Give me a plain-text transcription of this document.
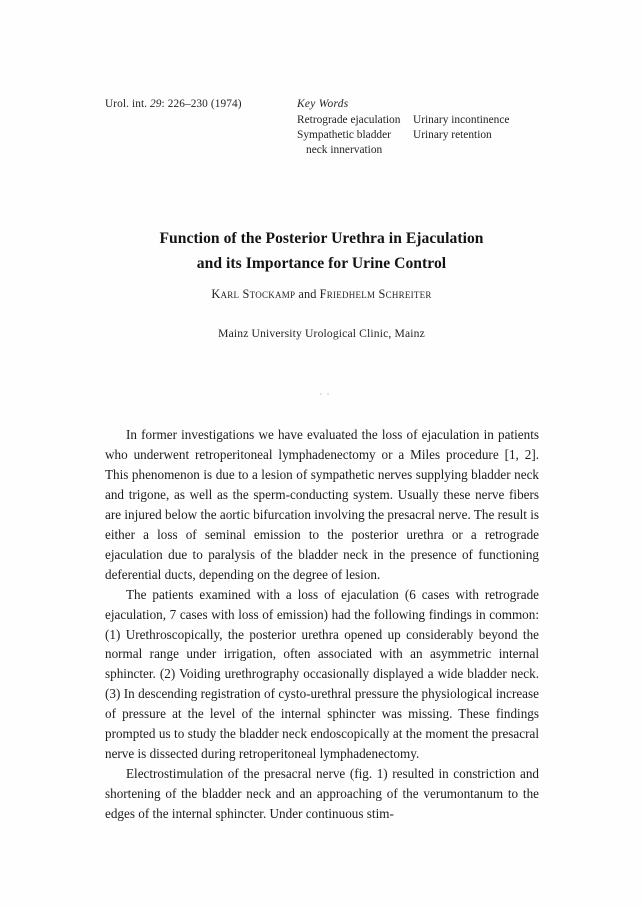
Urol. int. 29: 226–230 (1974)	Key Words
Retrograde ejaculation	Urinary incontinence
Sympathetic bladder	Urinary retention
neck innervation
Function of the Posterior Urethra in Ejaculation
and its Importance for Urine Control
Karl Stockamp and Friedhelm Schreiter
Mainz University Urological Clinic, Mainz

In former investigations we have evaluated the loss of ejaculation in patients who underwent retroperitoneal lymphadenectomy or a Miles procedure [1, 2]. This phenomenon is due to a lesion of sympathetic nerves supplying bladder neck and trigone, as well as the sperm-conducting system. Usually these nerve fibers are injured below the aortic bifurcation involving the presacral nerve. The result is either a loss of seminal emission to the posterior urethra or a retrograde ejaculation due to paralysis of the bladder neck in the presence of functioning deferential ducts, depending on the degree of lesion.

The patients examined with a loss of ejaculation (6 cases with retrograde ejaculation, 7 cases with loss of emission) had the following findings in common: (1) Urethroscopically, the posterior urethra opened up considerably beyond the normal range under irrigation, often associated with an asymmetric internal sphincter. (2) Voiding urethrography occasionally displayed a wide bladder neck. (3) In descending registration of cysto-urethral pressure the physiological increase of pressure at the level of the internal sphincter was missing. These findings prompted us to study the bladder neck endoscopically at the moment the presacral nerve is dissected during retroperitoneal lymphadenectomy.

Electrostimulation of the presacral nerve (fig. 1) resulted in constriction and shortening of the bladder neck and an approaching of the verumontanum to the edges of the internal sphincter. Under continuous stim-
